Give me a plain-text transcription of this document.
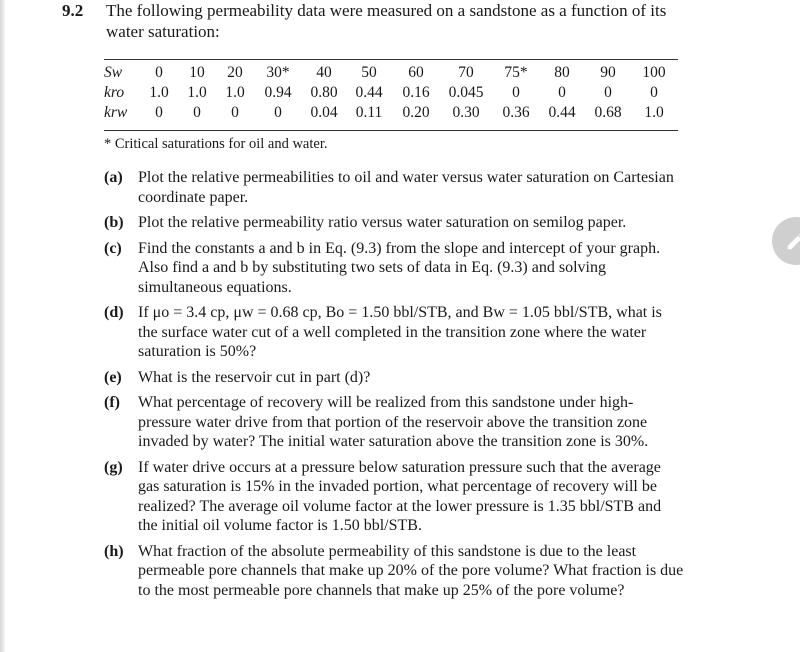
9.2 The following permeability data were measured on a sandstone as a function of its water saturation:
Sw	0	10	20	30*	40	50	60	70	75*	80	90	100
kro	1.0	1.0	1.0	0.94	0.80	0.44	0.16	0.045	0	0	0	0
krw	0	0	0	0	0.04	0.11	0.20	0.30	0.36	0.44	0.68	1.0
* Critical saturations for oil and water.
(a) Plot the relative permeabilities to oil and water versus water saturation on Cartesian coordinate paper.
(b) Plot the relative permeability ratio versus water saturation on semilog paper.
(c) Find the constants a and b in Eq. (9.3) from the slope and intercept of your graph. Also find a and b by substituting two sets of data in Eq. (9.3) and solving simultaneous equations.
(d) If μo = 3.4 cp, μw = 0.68 cp, Bo = 1.50 bbl/STB, and Bw = 1.05 bbl/STB, what is the surface water cut of a well completed in the transition zone where the water saturation is 50%?
(e) What is the reservoir cut in part (d)?
(f) What percentage of recovery will be realized from this sandstone under high-pressure water drive from that portion of the reservoir above the transition zone invaded by water? The initial water saturation above the transition zone is 30%.
(g) If water drive occurs at a pressure below saturation pressure such that the average gas saturation is 15% in the invaded portion, what percentage of recovery will be realized? The average oil volume factor at the lower pressure is 1.35 bbl/STB and the initial oil volume factor is 1.50 bbl/STB.
(h) What fraction of the absolute permeability of this sandstone is due to the least permeable pore channels that make up 20% of the pore volume? What fraction is due to the most permeable pore channels that make up 25% of the pore volume?
